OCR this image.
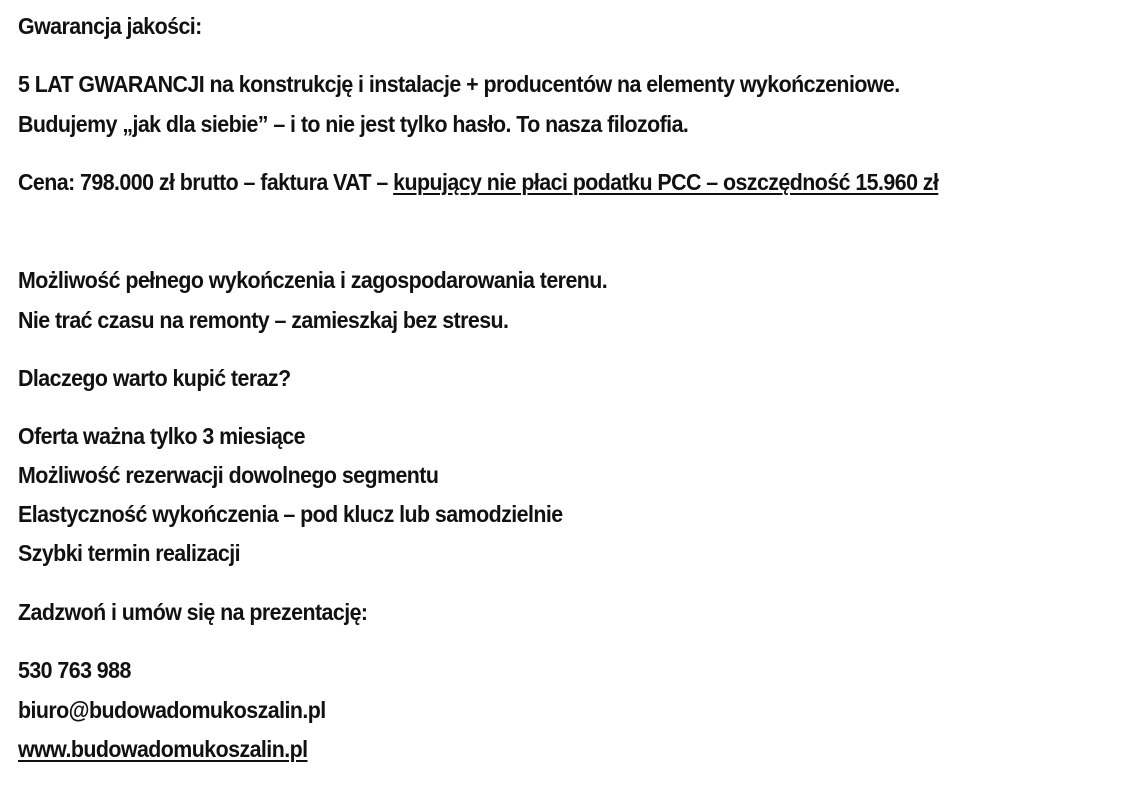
Gwarancja jakości:
5 LAT GWARANCJI na konstrukcję i instalacje + producentów na elementy wykończeniowe.
Budujemy „jak dla siebie” – i to nie jest tylko hasło. To nasza filozofia.
Cena: 798.000 zł brutto – faktura VAT – kupujący nie płaci podatku PCC – oszczędność 15.960 zł
Możliwość pełnego wykończenia i zagospodarowania terenu.
Nie trać czasu na remonty – zamieszkaj bez stresu.
Dlaczego warto kupić teraz?
Oferta ważna tylko 3 miesiące
Możliwość rezerwacji dowolnego segmentu
Elastyczność wykończenia – pod klucz lub samodzielnie
Szybki termin realizacji
Zadzwoń i umów się na prezentację:
530 763 988
biuro@budowadomukoszalin.pl
www.budowadomukoszalin.pl
